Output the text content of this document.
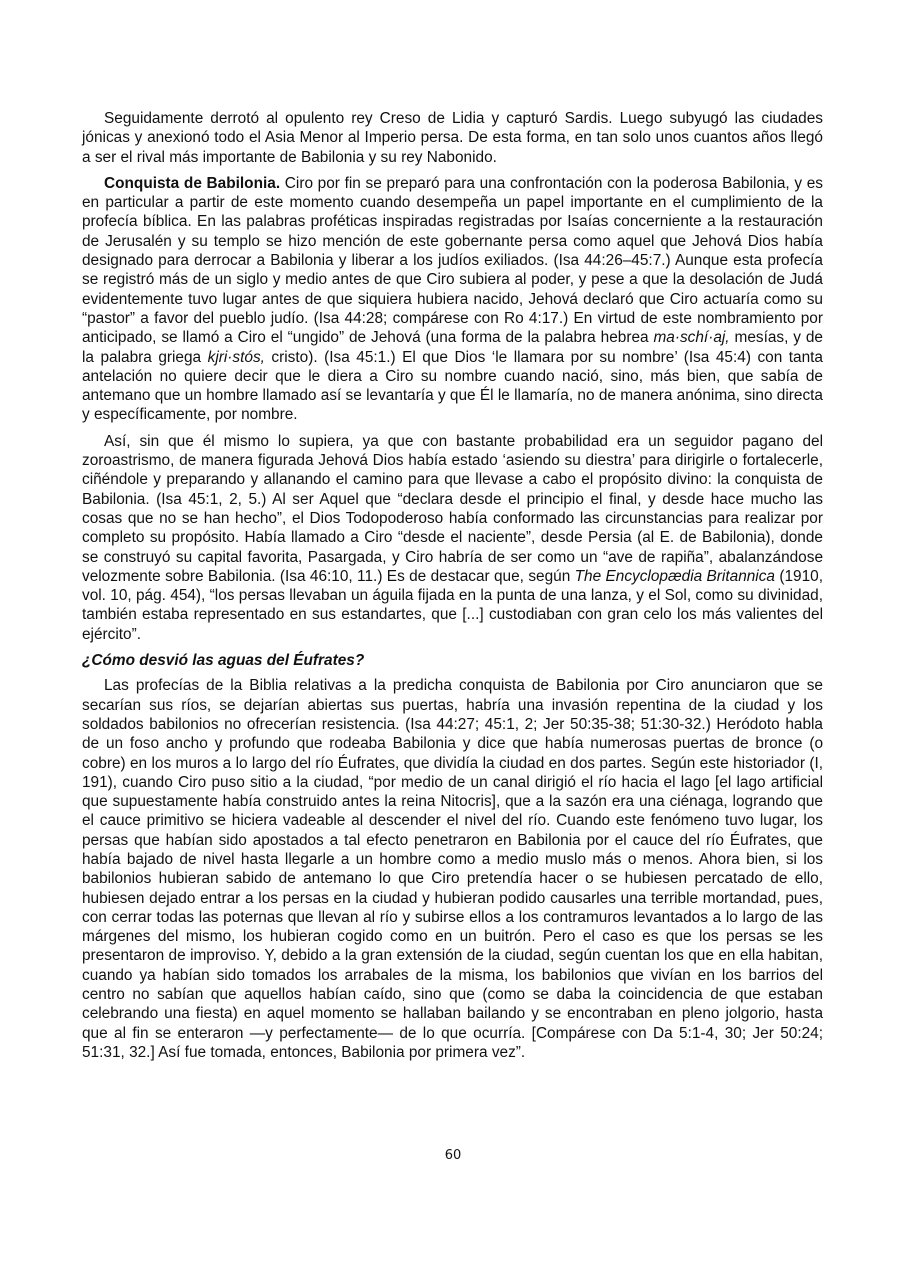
Seguidamente derrotó al opulento rey Creso de Lidia y capturó Sardis. Luego subyugó las ciudades jónicas y anexionó todo el Asia Menor al Imperio persa. De esta forma, en tan solo unos cuantos años llegó a ser el rival más importante de Babilonia y su rey Nabonido.

Conquista de Babilonia. Ciro por fin se preparó para una confrontación con la poderosa Babilonia, y es en particular a partir de este momento cuando desempeña un papel importante en el cumplimiento de la profecía bíblica. En las palabras proféticas inspiradas registradas por Isaías concerniente a la restauración de Jerusalén y su templo se hizo mención de este gobernante persa como aquel que Jehová Dios había designado para derrocar a Babilonia y liberar a los judíos exiliados. (Isa 44:26–45:7.) Aunque esta profecía se registró más de un siglo y medio antes de que Ciro subiera al poder, y pese a que la desolación de Judá evidentemente tuvo lugar antes de que siquiera hubiera nacido, Jehová declaró que Ciro actuaría como su “pastor” a favor del pueblo judío. (Isa 44:28; compárese con Ro 4:17.) En virtud de este nombramiento por anticipado, se llamó a Ciro el “ungido” de Jehová (una forma de la palabra hebrea ma·schí·aj, mesías, y de la palabra griega kjri·stós, cristo). (Isa 45:1.) El que Dios ‘le llamara por su nombre’ (Isa 45:4) con tanta antelación no quiere decir que le diera a Ciro su nombre cuando nació, sino, más bien, que sabía de antemano que un hombre llamado así se levantaría y que Él le llamaría, no de manera anónima, sino directa y específicamente, por nombre.

Así, sin que él mismo lo supiera, ya que con bastante probabilidad era un seguidor pagano del zoroastrismo, de manera figurada Jehová Dios había estado ‘asiendo su diestra’ para dirigirle o fortalecerle, ciñéndole y preparando y allanando el camino para que llevase a cabo el propósito divino: la conquista de Babilonia. (Isa 45:1, 2, 5.) Al ser Aquel que “declara desde el principio el final, y desde hace mucho las cosas que no se han hecho”, el Dios Todopoderoso había conformado las circunstancias para realizar por completo su propósito. Había llamado a Ciro “desde el naciente”, desde Persia (al E. de Babilonia), donde se construyó su capital favorita, Pasargada, y Ciro habría de ser como un “ave de rapiña”, abalanzándose velozmente sobre Babilonia. (Isa 46:10, 11.) Es de destacar que, según The Encyclopædia Britannica (1910, vol. 10, pág. 454), “los persas llevaban un águila fijada en la punta de una lanza, y el Sol, como su divinidad, también estaba representado en sus estandartes, que [...] custodiaban con gran celo los más valientes del ejército”.

¿Cómo desvió las aguas del Éufrates?

Las profecías de la Biblia relativas a la predicha conquista de Babilonia por Ciro anunciaron que se secarían sus ríos, se dejarían abiertas sus puertas, habría una invasión repentina de la ciudad y los soldados babilonios no ofrecerían resistencia. (Isa 44:27; 45:1, 2; Jer 50:35-38; 51:30-32.) Heródoto habla de un foso ancho y profundo que rodeaba Babilonia y dice que había numerosas puertas de bronce (o cobre) en los muros a lo largo del río Éufrates, que dividía la ciudad en dos partes. Según este historiador (I, 191), cuando Ciro puso sitio a la ciudad, “por medio de un canal dirigió el río hacia el lago [el lago artificial que supuestamente había construido antes la reina Nitocris], que a la sazón era una ciénaga, logrando que el cauce primitivo se hiciera vadeable al descender el nivel del río. Cuando este fenómeno tuvo lugar, los persas que habían sido apostados a tal efecto penetraron en Babilonia por el cauce del río Éufrates, que había bajado de nivel hasta llegarle a un hombre como a medio muslo más o menos. Ahora bien, si los babilonios hubieran sabido de antemano lo que Ciro pretendía hacer o se hubiesen percatado de ello, hubiesen dejado entrar a los persas en la ciudad y hubieran podido causarles una terrible mortandad, pues, con cerrar todas las poternas que llevan al río y subirse ellos a los contramuros levantados a lo largo de las márgenes del mismo, los hubieran cogido como en un buitrón. Pero el caso es que los persas se les presentaron de improviso. Y, debido a la gran extensión de la ciudad, según cuentan los que en ella habitan, cuando ya habían sido tomados los arrabales de la misma, los babilonios que vivían en los barrios del centro no sabían que aquellos habían caído, sino que (como se daba la coincidencia de que estaban celebrando una fiesta) en aquel momento se hallaban bailando y se encontraban en pleno jolgorio, hasta que al fin se enteraron —y perfectamente— de lo que ocurría. [Compárese con Da 5:1-4, 30; Jer 50:24; 51:31, 32.] Así fue tomada, entonces, Babilonia por primera vez”.

60
